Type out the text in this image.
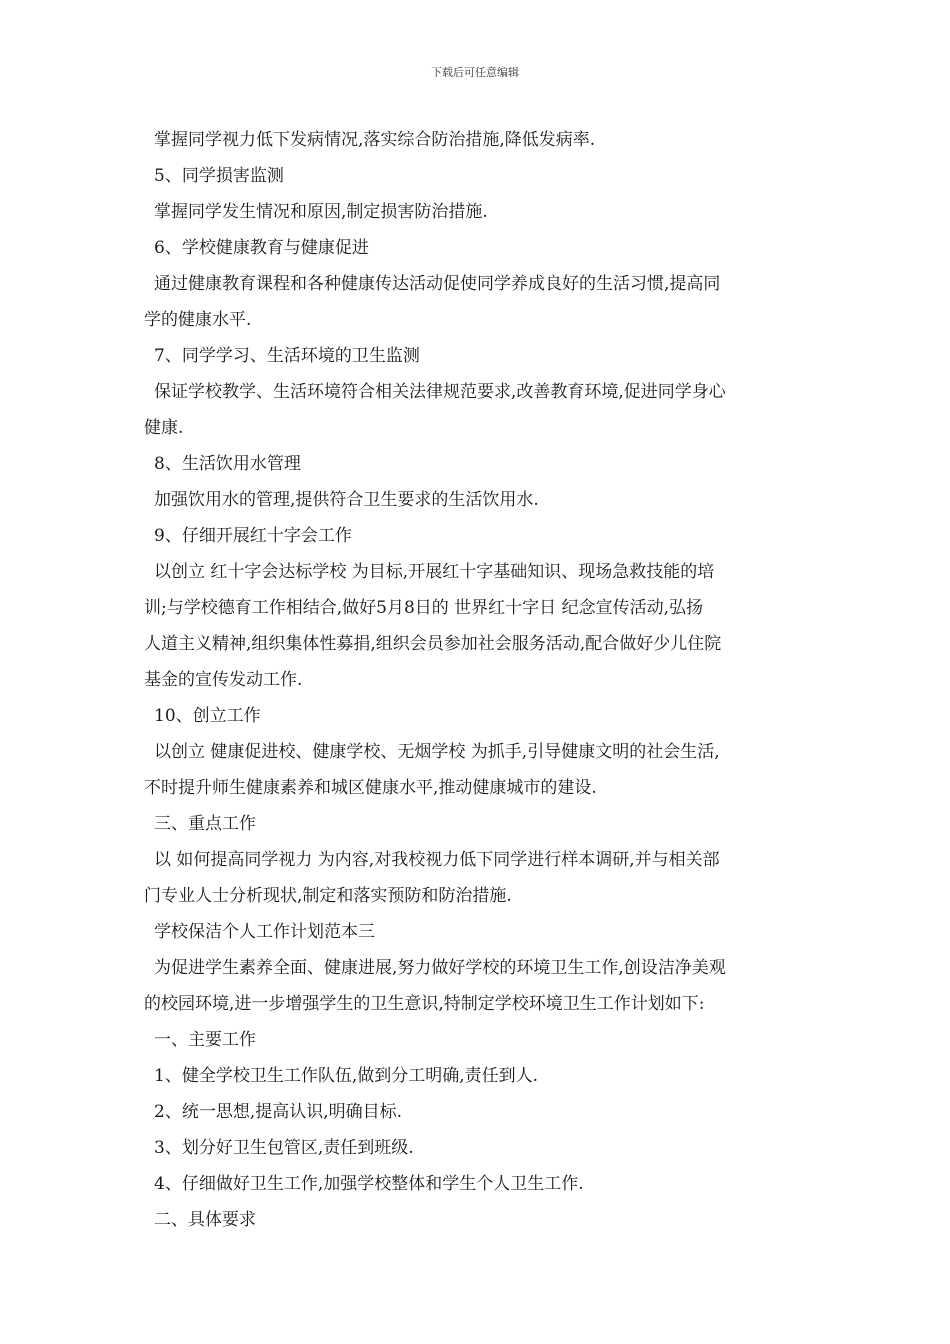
下载后可任意编辑
掌握同学视力低下发病情况,落实综合防治措施,降低发病率.
5、同学损害监测
掌握同学发生情况和原因,制定损害防治措施.
6、学校健康教育与健康促进
通过健康教育课程和各种健康传达活动促使同学养成良好的生活习惯,提高同
学的健康水平.
7、同学学习、生活环境的卫生监测
保证学校教学、生活环境符合相关法律规范要求,改善教育环境,促进同学身心
健康.
8、生活饮用水管理
加强饮用水的管理,提供符合卫生要求的生活饮用水.
9、仔细开展红十字会工作
以创立 红十字会达标学校 为目标,开展红十字基础知识、现场急救技能的培
训;与学校德育工作相结合,做好5月8日的 世界红十字日 纪念宣传活动,弘扬
人道主义精神,组织集体性募捐,组织会员参加社会服务活动,配合做好少儿住院
基金的宣传发动工作.
10、创立工作
以创立 健康促进校、健康学校、无烟学校 为抓手,引导健康文明的社会生活,
不时提升师生健康素养和城区健康水平,推动健康城市的建设.
三、重点工作
以 如何提高同学视力 为内容,对我校视力低下同学进行样本调研,并与相关部
门专业人士分析现状,制定和落实预防和防治措施.
学校保洁个人工作计划范本三
为促进学生素养全面、健康进展,努力做好学校的环境卫生工作,创设洁净美观
的校园环境,进一步增强学生的卫生意识,特制定学校环境卫生工作计划如下:
一、主要工作
1、健全学校卫生工作队伍,做到分工明确,责任到人.
2、统一思想,提高认识,明确目标.
3、划分好卫生包管区,责任到班级.
4、仔细做好卫生工作,加强学校整体和学生个人卫生工作.
二、具体要求
